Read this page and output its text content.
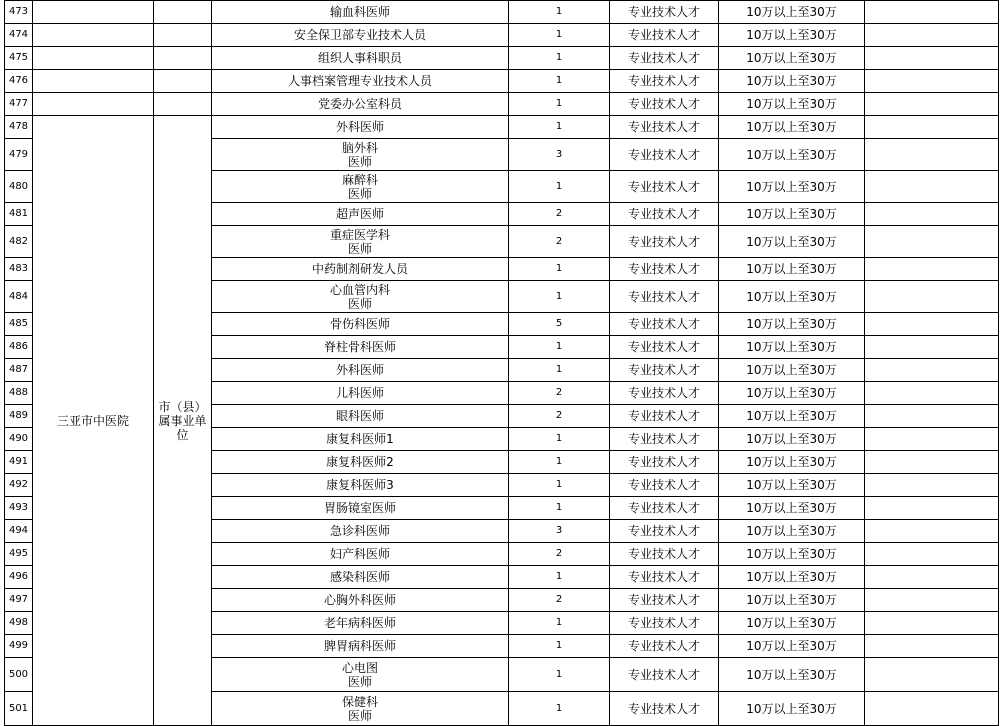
473			输血科医师	1	专业技术人才	10万以上至30万	
474			安全保卫部专业技术人员	1	专业技术人才	10万以上至30万	
475			组织人事科职员	1	专业技术人才	10万以上至30万	
476			人事档案管理专业技术人员	1	专业技术人才	10万以上至30万	
477			党委办公室科员	1	专业技术人才	10万以上至30万	
478	三亚市中医院	市（县）
属事业单
位	外科医师	1	专业技术人才	10万以上至30万	
479			脑外科
医师	3	专业技术人才	10万以上至30万	
480			麻醉科
医师	1	专业技术人才	10万以上至30万	
481			超声医师	2	专业技术人才	10万以上至30万	
482			重症医学科
医师	2	专业技术人才	10万以上至30万	
483			中药制剂研发人员	1	专业技术人才	10万以上至30万	
484			心血管内科
医师	1	专业技术人才	10万以上至30万	
485			骨伤科医师	5	专业技术人才	10万以上至30万	
486			脊柱骨科医师	1	专业技术人才	10万以上至30万	
487			外科医师	1	专业技术人才	10万以上至30万	
488			儿科医师	2	专业技术人才	10万以上至30万	
489			眼科医师	2	专业技术人才	10万以上至30万	
490			康复科医师1	1	专业技术人才	10万以上至30万	
491			康复科医师2	1	专业技术人才	10万以上至30万	
492			康复科医师3	1	专业技术人才	10万以上至30万	
493			胃肠镜室医师	1	专业技术人才	10万以上至30万	
494			急诊科医师	3	专业技术人才	10万以上至30万	
495			妇产科医师	2	专业技术人才	10万以上至30万	
496			感染科医师	1	专业技术人才	10万以上至30万	
497			心胸外科医师	2	专业技术人才	10万以上至30万	
498			老年病科医师	1	专业技术人才	10万以上至30万	
499			脾胃病科医师	1	专业技术人才	10万以上至30万	
500			心电图
医师	1	专业技术人才	10万以上至30万	
501			保健科
医师	1	专业技术人才	10万以上至30万	
